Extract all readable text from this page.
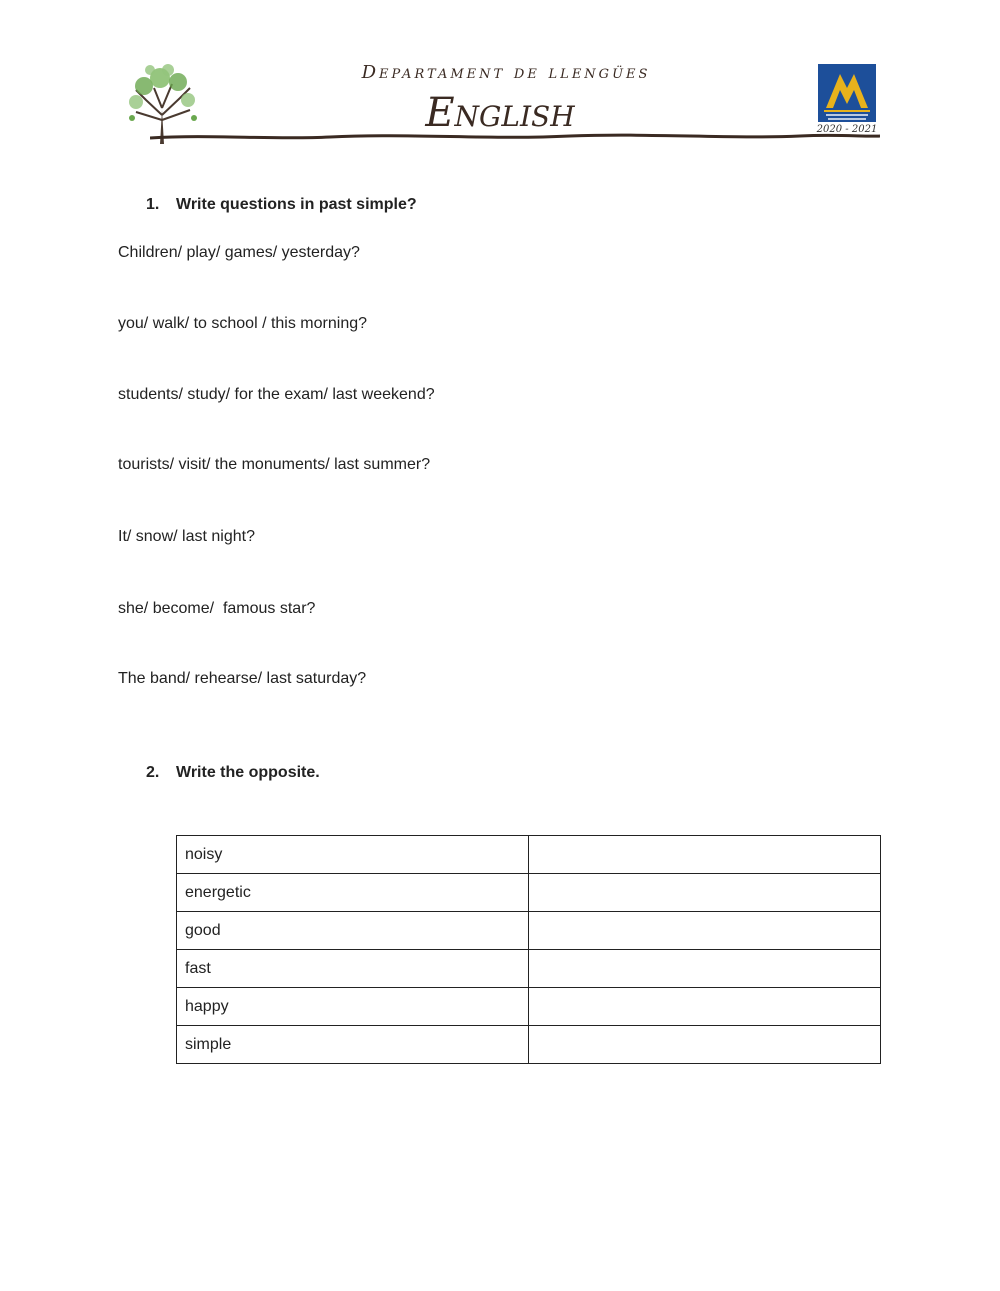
Departament de llengües
English	2020 - 2021
1. Write questions in past simple?
Children/ play/ games/ yesterday?
you/ walk/ to school / this morning?
students/ study/ for the exam/ last weekend?
tourists/ visit/ the monuments/ last summer?
It/ snow/ last night?
she/ become/  famous star?
The band/ rehearse/ last saturday?
2. Write the opposite.
noisy	
energetic	
good	
fast	
happy	
simple	
